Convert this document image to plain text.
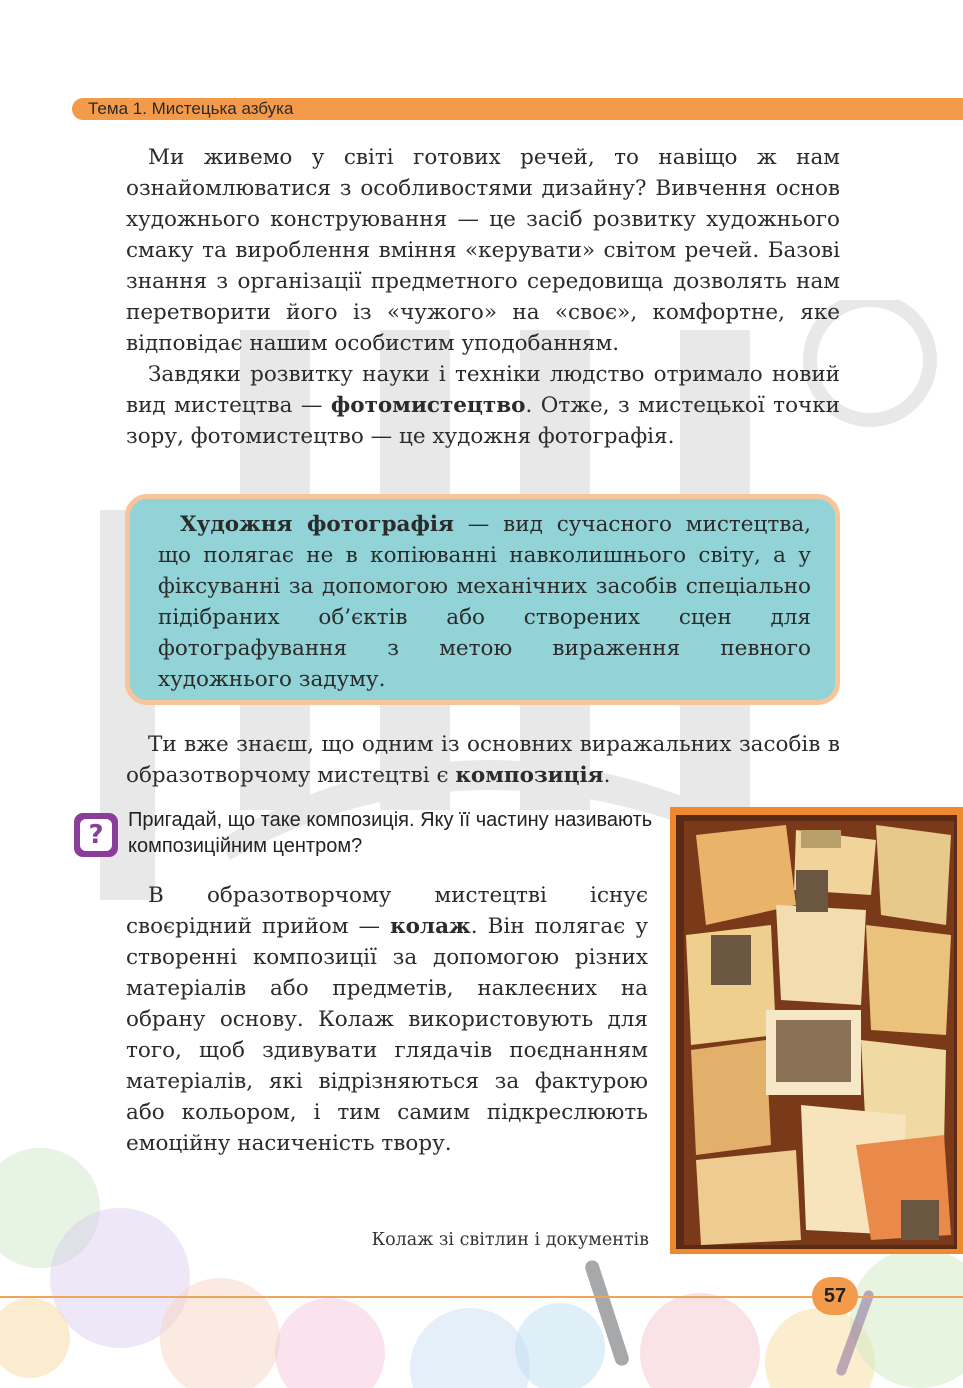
Тема 1. Мистецька азбука
Ми живемо у світі готових речей, то навіщо ж нам ознайомлюватися з особливостями дизайну? Вивчення основ художнього конструювання — це засіб розвитку художнього смаку та вироблення вміння «керувати» світом речей. Базові знання з організації предметного середовища дозволять нам перетворити його із «чужого» на «своє», комфортне, яке відповідає нашим особистим уподобанням.
Завдяки розвитку науки і техніки людство отримало новий вид мистецтва — фотомистецтво. Отже, з мистецької точки зору, фотомистецтво — це художня фотографія.
Художня фотографія — вид сучасного мистецтва, що полягає не в копіюванні навколишнього світу, а у фіксуванні за допомогою механічних засобів спеціально підібраних об’єктів або створених сцен для фотографування з метою вираження певного художнього задуму.
Ти вже знаєш, що одним із основних виражальних засобів в образотворчому мистецтві є композиція.
?	Пригадай, що таке композиція. Яку її частину називають композиційним центром?
В образотворчому мистецтві існує своєрідний прийом — колаж. Він полягає у створенні композиції за допомогою різних матеріалів або предметів, наклеєних на обрану основу. Колаж використовують для того, щоб здивувати глядачів поєднанням матеріалів, які відрізняються за фактурою або кольором, і тим самим підкреслюють емоційну насиченість твору.
Колаж зі світлин і документів
57
